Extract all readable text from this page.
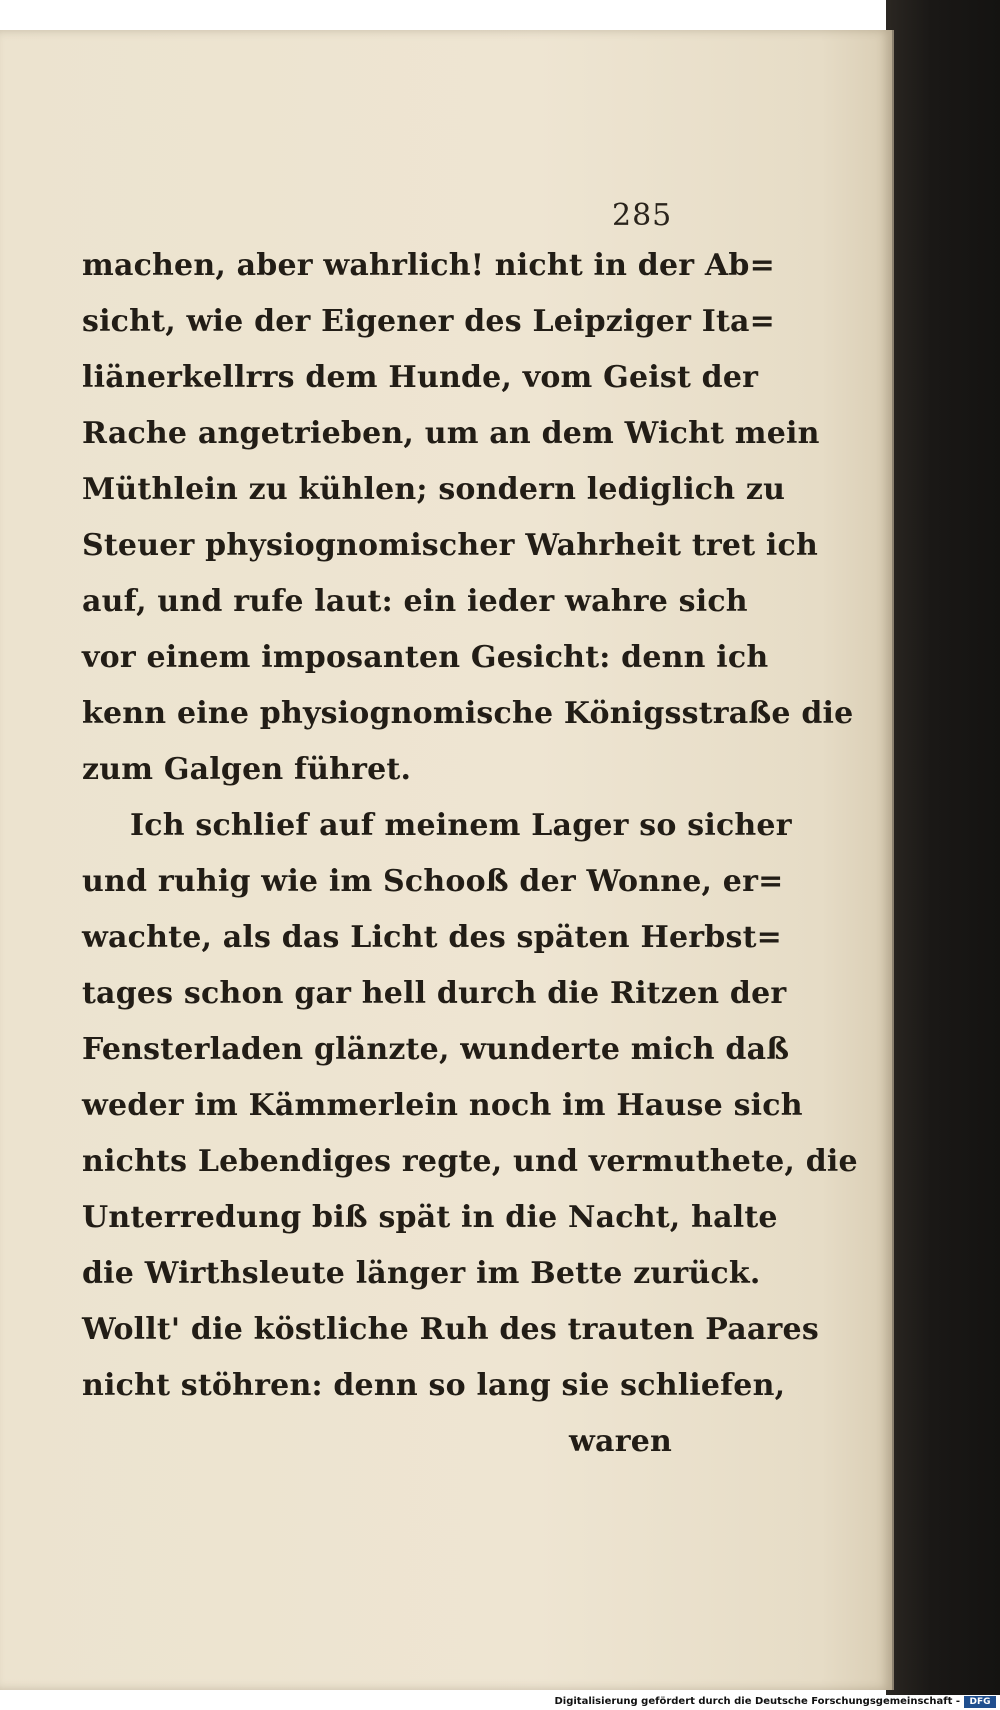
285
machen, aber wahrlich! nicht in der Ab=
sicht, wie der Eigener des Leipziger Ita=
liänerkellrrs dem Hunde, vom Geist der
Rache angetrieben, um an dem Wicht mein
Müthlein zu kühlen; sondern lediglich zu
Steuer physiognomischer Wahrheit tret ich
auf, und rufe laut: ein ieder wahre sich
vor einem imposanten Gesicht: denn ich
kenn eine physiognomische Königsstraße die
zum Galgen führet.
Ich schlief auf meinem Lager so sicher
und ruhig wie im Schooß der Wonne, er=
wachte, als das Licht des späten Herbst=
tages schon gar hell durch die Ritzen der
Fensterladen glänzte, wunderte mich daß
weder im Kämmerlein noch im Hause sich
nichts Lebendiges regte, und vermuthete, die
Unterredung biß spät in die Nacht, halte
die Wirthsleute länger im Bette zurück.
Wollt' die köstliche Ruh des trauten Paares
nicht stöhren: denn so lang sie schliefen,
waren
Digitalisierung gefördert durch die Deutsche Forschungsgemeinschaft -	DFG
